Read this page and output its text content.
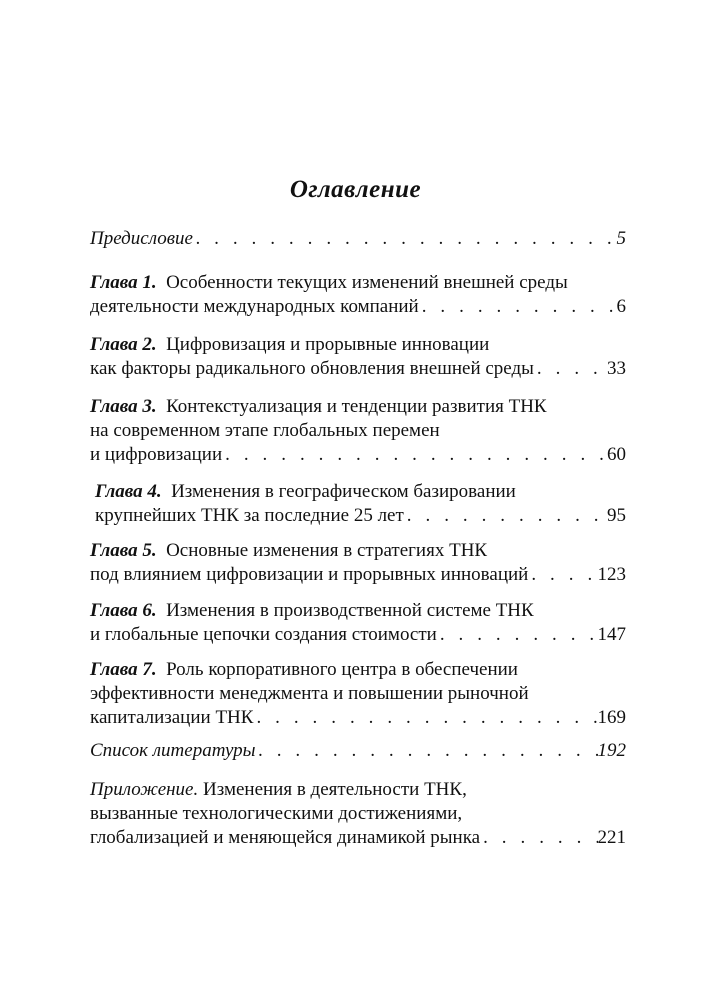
Оглавление
Предисловие . . .	5
Глава 1. Особенности текущих изменений внешней среды
деятельности международных компаний . . .	6
Глава 2. Цифровизация и прорывные инновации
как факторы радикального обновления внешней среды . . .	33
Глава 3. Контекстуализация и тенденции развития ТНК
на современном этапе глобальных перемен
и цифровизации . . .	60
Глава 4. Изменения в географическом базировании
крупнейших ТНК за последние 25 лет . . .	95
Глава 5. Основные изменения в стратегиях ТНК
под влиянием цифровизации и прорывных инноваций . . .	123
Глава 6. Изменения в производственной системе ТНК
и глобальные цепочки создания стоимости . . .	147
Глава 7. Роль корпоративного центра в обеспечении
эффективности менеджмента и повышении рыночной
капитализации ТНК . . .	169
Список литературы . . .	192
Приложение. Изменения в деятельности ТНК,
вызванные технологическими достижениями,
глобализацией и меняющейся динамикой рынка . . .	221
